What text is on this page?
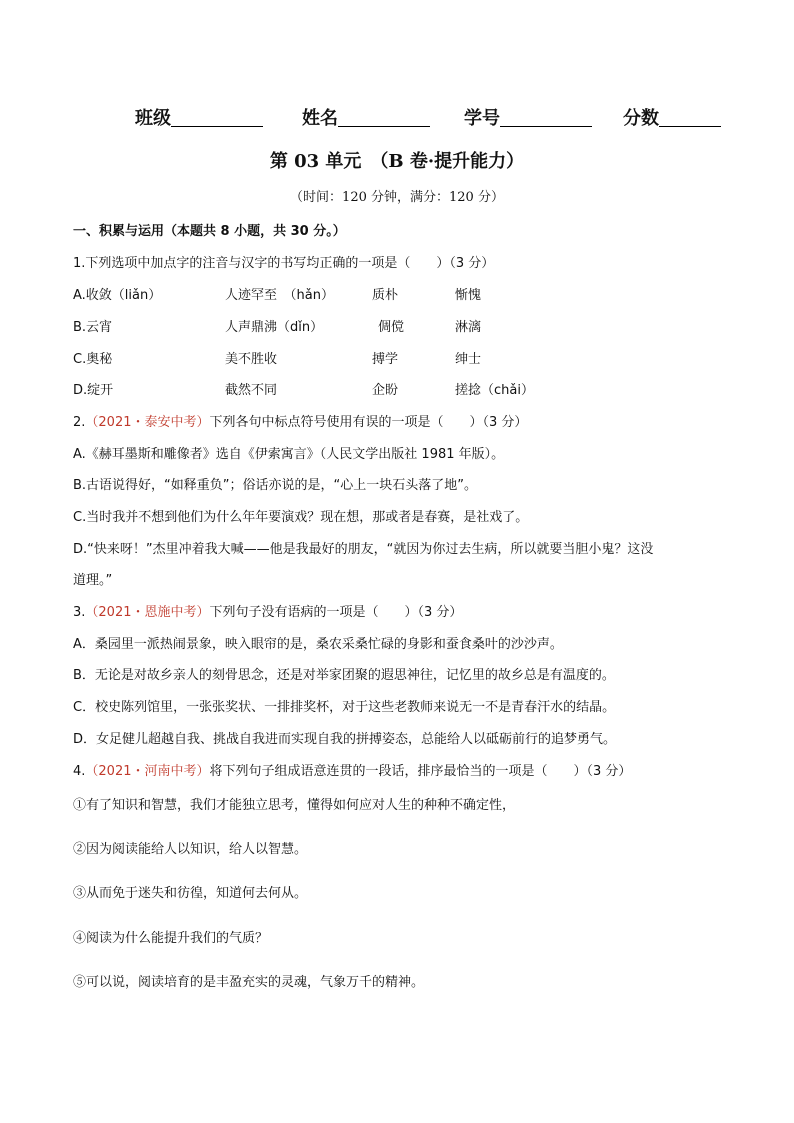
班级	姓名	学号	分数
第 03 单元　（B 卷·提升能力）
（时间：120 分钟，满分：120 分）
一、积累与运用（本题共 8 小题，共 30 分。）
1.下列选项中加点字的注音与汉字的书写均正确的一项是（　　）（3 分）
A.收敛（liǎn）	人迹罕至　（hǎn）	质朴	惭愧
B.云宵	人声鼎沸（dǐn）	倜傥	淋漓
C.奥秘	美不胜收	搏学	绅士
D.绽开	截然不同	企盼	搓捻（chǎi）
2.（2021・泰安中考）下列各句中标点符号使用有误的一项是（　　）（3 分）
A.《赫耳墨斯和雕像者》选自《伊索寓言》（人民文学出版社 1981 年版）。
B.古语说得好，“如释重负”；俗话亦说的是，“心上一块石头落了地”。
C.当时我并不想到他们为什么年年要演戏？现在想，那或者是春赛，是社戏了。
D.“快来呀！”杰里冲着我大喊——他是我最好的朋友，“就因为你过去生病，所以就要当胆小鬼？这没
道理。”
3.（2021・恩施中考）下列句子没有语病的一项是（　　）（3 分）
A．桑园里一派热闹景象，映入眼帘的是，桑农采桑忙碌的身影和蚕食桑叶的沙沙声。
B．无论是对故乡亲人的刻骨思念，还是对举家团聚的遐思神往，记忆里的故乡总是有温度的。
C．校史陈列馆里，一张张奖状、一排排奖杯，对于这些老教师来说无一不是青春汗水的结晶。
D．女足健儿超越自我、挑战自我进而实现自我的拼搏姿态，总能给人以砥砺前行的追梦勇气。
4.（2021・河南中考）将下列句子组成语意连贯的一段话，排序最恰当的一项是（　　）（3 分）
①有了知识和智慧，我们才能独立思考，懂得如何应对人生的种种不确定性，
②因为阅读能给人以知识，给人以智慧。
③从而免于迷失和彷徨，知道何去何从。
④阅读为什么能提升我们的气质？
⑤可以说，阅读培育的是丰盈充实的灵魂，气象万千的精神。
